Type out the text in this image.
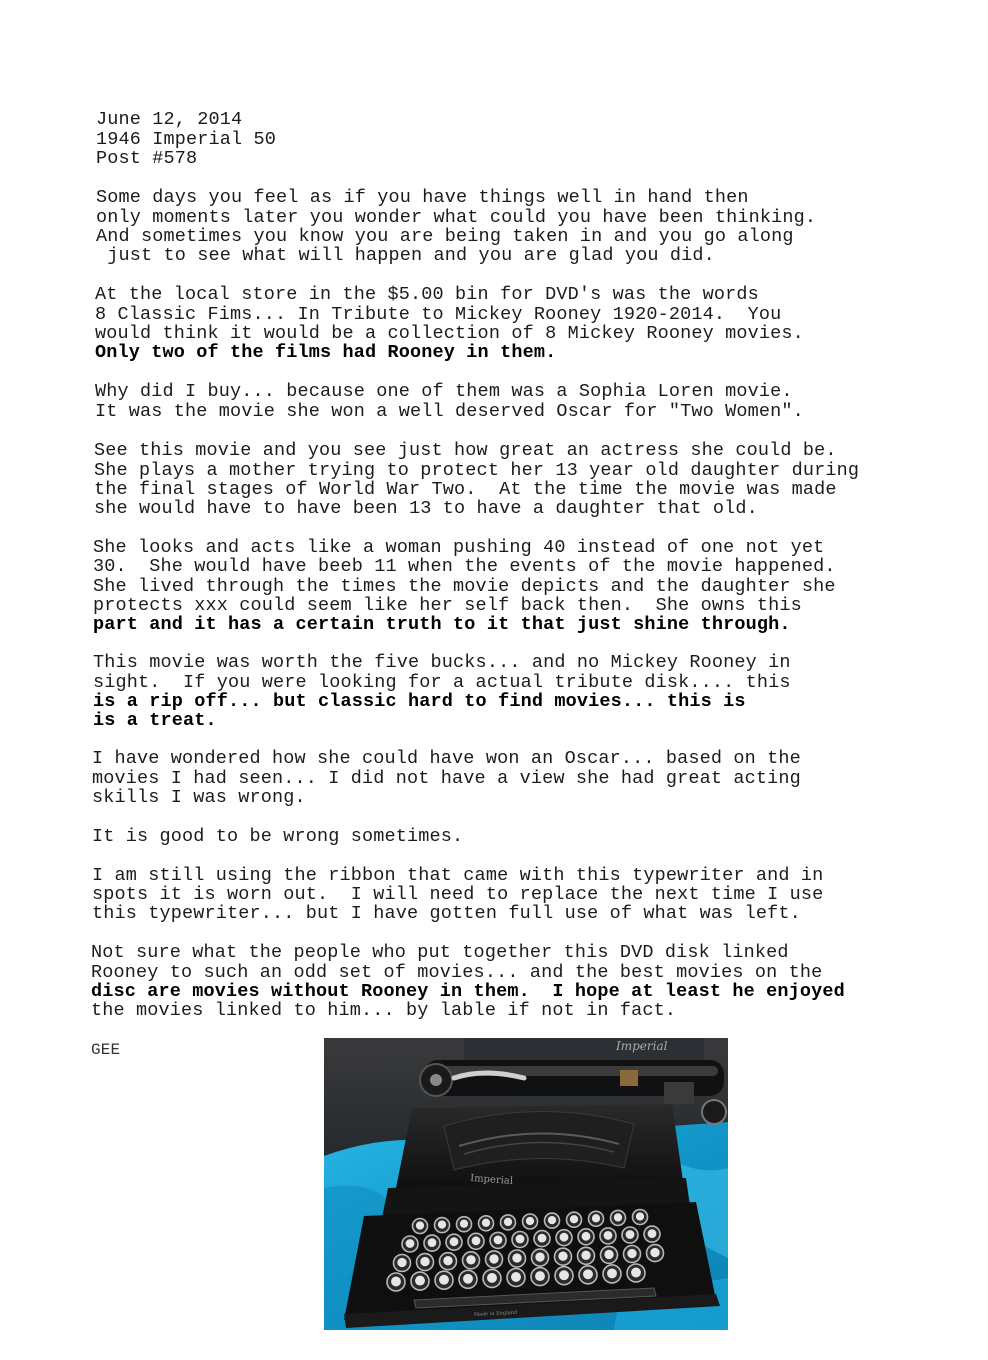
June 12, 2014
1946 Imperial 50
Post #578
Some days you feel as if you have things well in hand then
only moments later you wonder what could you have been thinking.
And sometimes you know you are being taken in and you go along
just to see what will happen and you are glad you did.
At the local store in the $5.00 bin for DVD's was the words
8 Classic Fims... In Tribute to Mickey Rooney 1920-2014.  You
would think it would be a collection of 8 Mickey Rooney movies.
Only two of the films had Rooney in them.
Why did I buy... because one of them was a Sophia Loren movie.
It was the movie she won a well deserved Oscar for "Two Women".
See this movie and you see just how great an actress she could be.
She plays a mother trying to protect her 13 year old daughter during
the final stages of World War Two.  At the time the movie was made
she would have to have been 13 to have a daughter that old.
She looks and acts like a woman pushing 40 instead of one not yet
30.  She would have beeb 11 when the events of the movie happened.
She lived through the times the movie depicts and the daughter she
protects xxx could seem like her self back then.  She owns this
part and it has a certain truth to it that just shine through.
This movie was worth the five bucks... and no Mickey Rooney in
sight.  If you were looking for a actual tribute disk.... this
is a rip off... but classic hard to find movies... this is
is a treat.
I have wondered how she could have won an Oscar... based on the
movies I had seen... I did not have a view she had great acting
skills I was wrong.
It is good to be wrong sometimes.
I am still using the ribbon that came with this typewriter and in
spots it is worn out.  I will need to replace the next time I use
this typewriter... but I have gotten full use of what was left.
Not sure what the people who put together this DVD disk linked
Rooney to such an odd set of movies... and the best movies on the
disc are movies without Rooney in them.  I hope at least he enjoyed
the movies linked to him... by lable if not in fact.
GEE	Imperial
Imperial
Made in England
